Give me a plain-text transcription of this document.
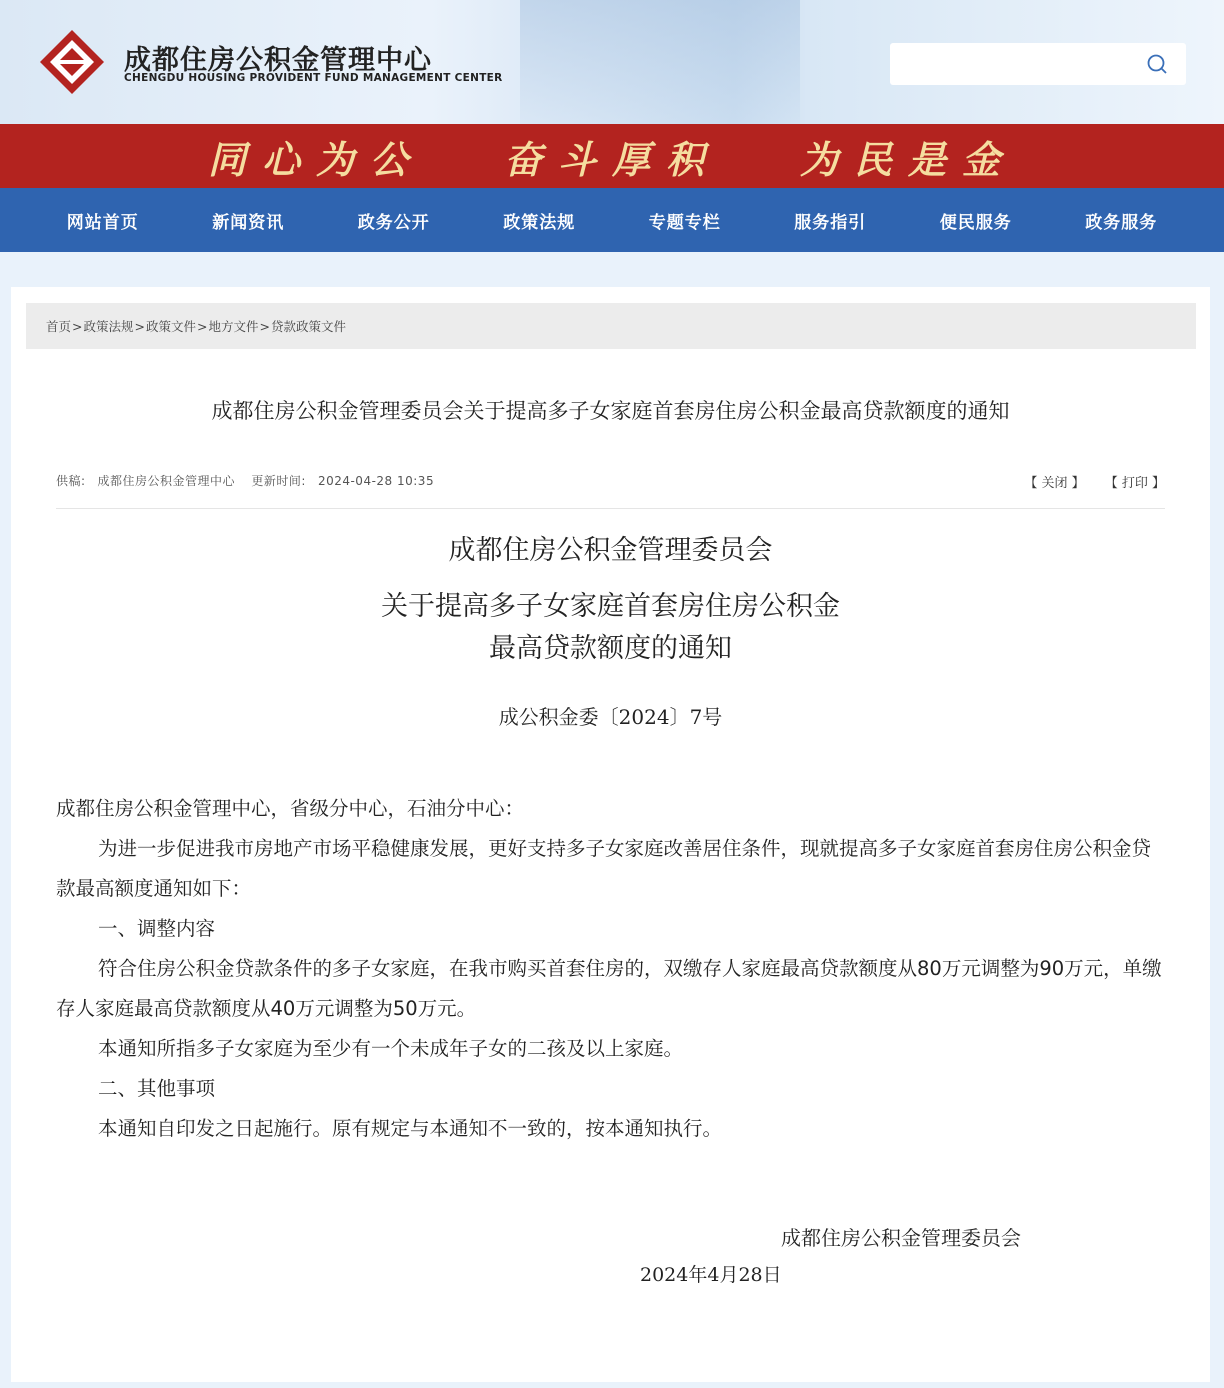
成都住房公积金管理中心
CHENGDU HOUSING PROVIDENT FUND MANAGEMENT CENTER
同心为公 奋斗厚积 为民是金
网站首页	新闻资讯	政务公开	政策法规	专题专栏	服务指引	便民服务	政务服务
首页 > 政策法规 > 政策文件 > 地方文件 > 贷款政策文件
成都住房公积金管理委员会关于提高多子女家庭首套房住房公积金最高贷款额度的通知
供稿: 成都住房公积金管理中心 更新时间: 2024-04-28 10:35	【 关闭 】 【 打印 】
成都住房公积金管理委员会
关于提高多子女家庭首套房住房公积金
最高贷款额度的通知
成公积金委〔2024〕7号

成都住房公积金管理中心，省级分中心，石油分中心：

为进一步促进我市房地产市场平稳健康发展，更好支持多子女家庭改善居住条件，现就提高多子女家庭首套房住房公积金贷款最高额度通知如下：

一、调整内容

符合住房公积金贷款条件的多子女家庭，在我市购买首套住房的，双缴存人家庭最高贷款额度从80万元调整为90万元，单缴存人家庭最高贷款额度从40万元调整为50万元。

本通知所指多子女家庭为至少有一个未成年子女的二孩及以上家庭。

二、其他事项

本通知自印发之日起施行。原有规定与本通知不一致的，按本通知执行。

成都住房公积金管理委员会
2024年4月28日
